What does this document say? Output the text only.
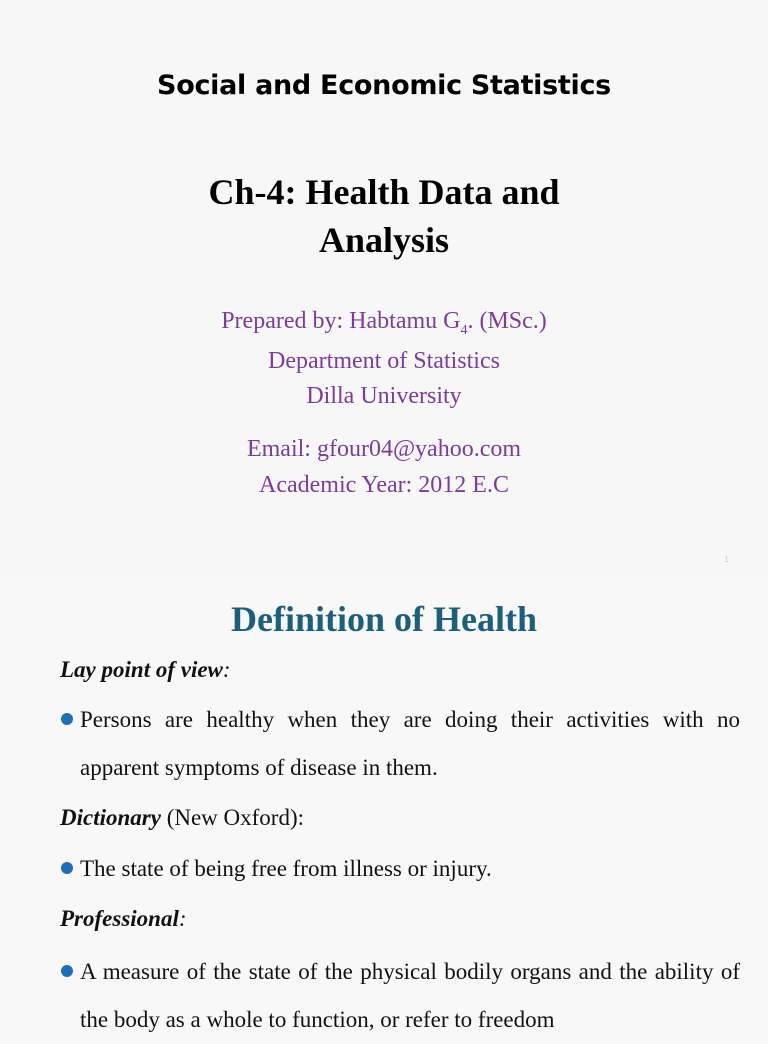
Social and Economic Statistics
Ch-4: Health Data and
Analysis
Prepared by: Habtamu $G_4$. (MSc.)
Department of Statistics
Dilla University
Email: gfour04@yahoo.com
Academic Year: 2012 E.C
1
Definition of Health
Lay point of view:
Persons are healthy when they are doing their activities with no apparent symptoms of disease in them.
Dictionary (New Oxford):
The state of being free from illness or injury.
Professional:
A measure of the state of the physical bodily organs and the ability of the body as a whole to function, or refer to freedom
